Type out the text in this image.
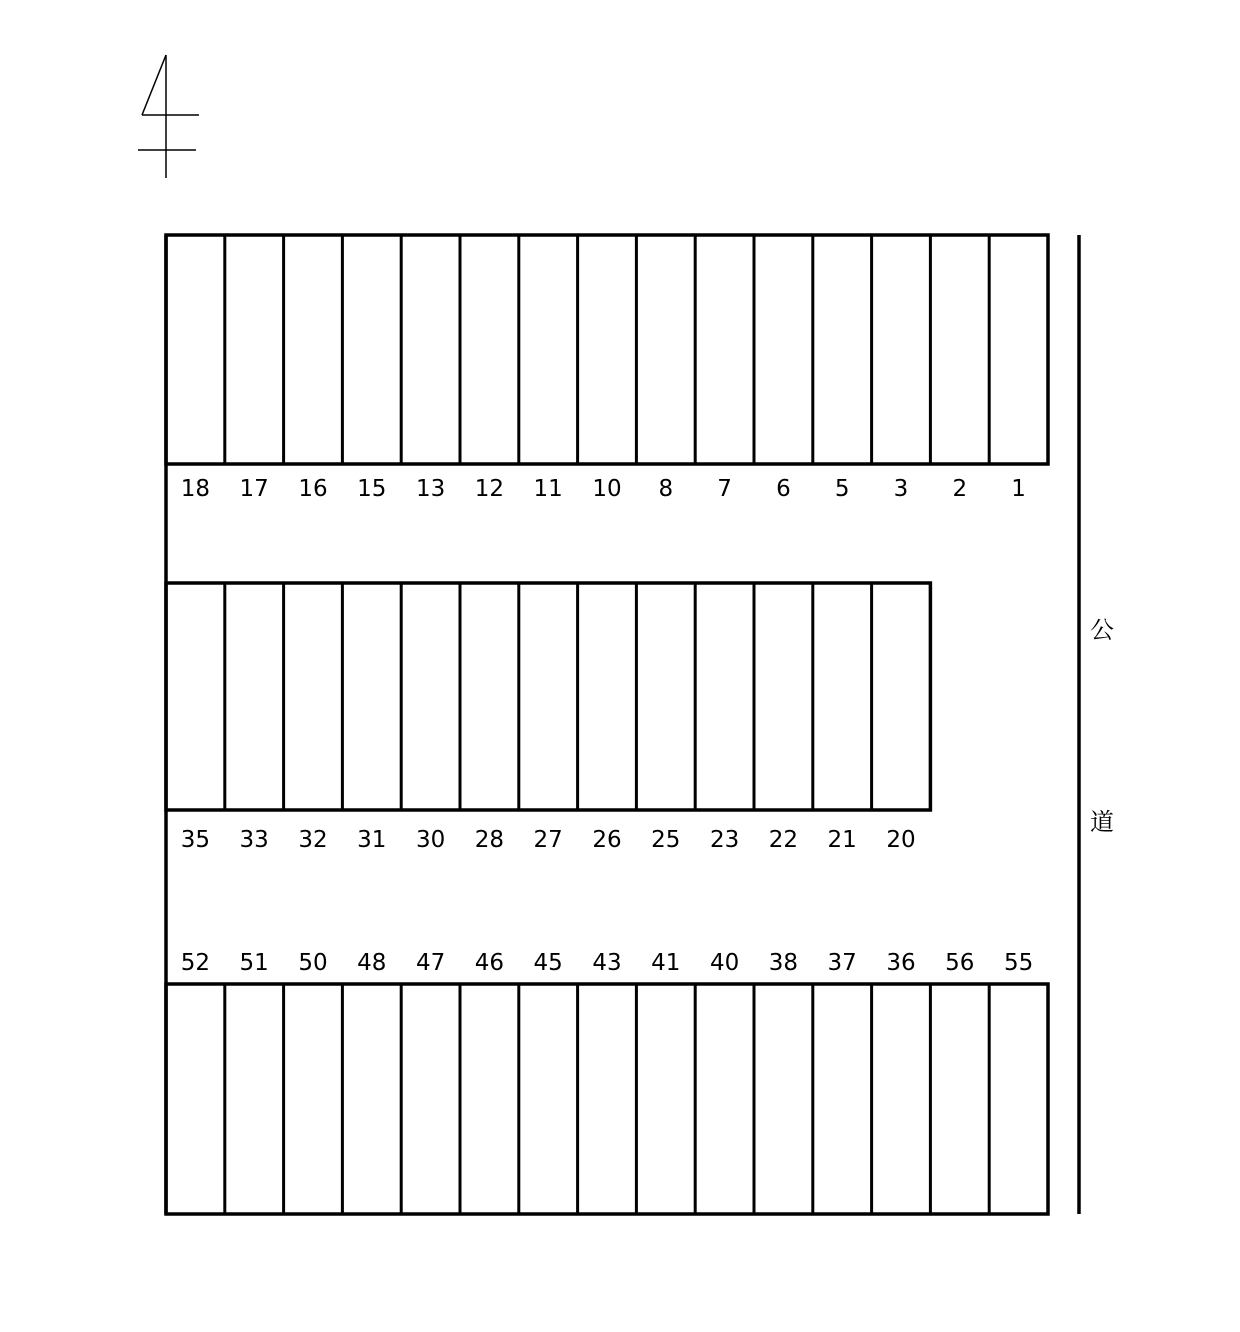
公
道
18 17 16 15 13 12 11 10 8 7 6 5 3 2 1
35 33 32 31 30 28 27 26 25 23 22 21 20
52 51 50 48 47 46 45 43 41 40 38 37 36 56 55
